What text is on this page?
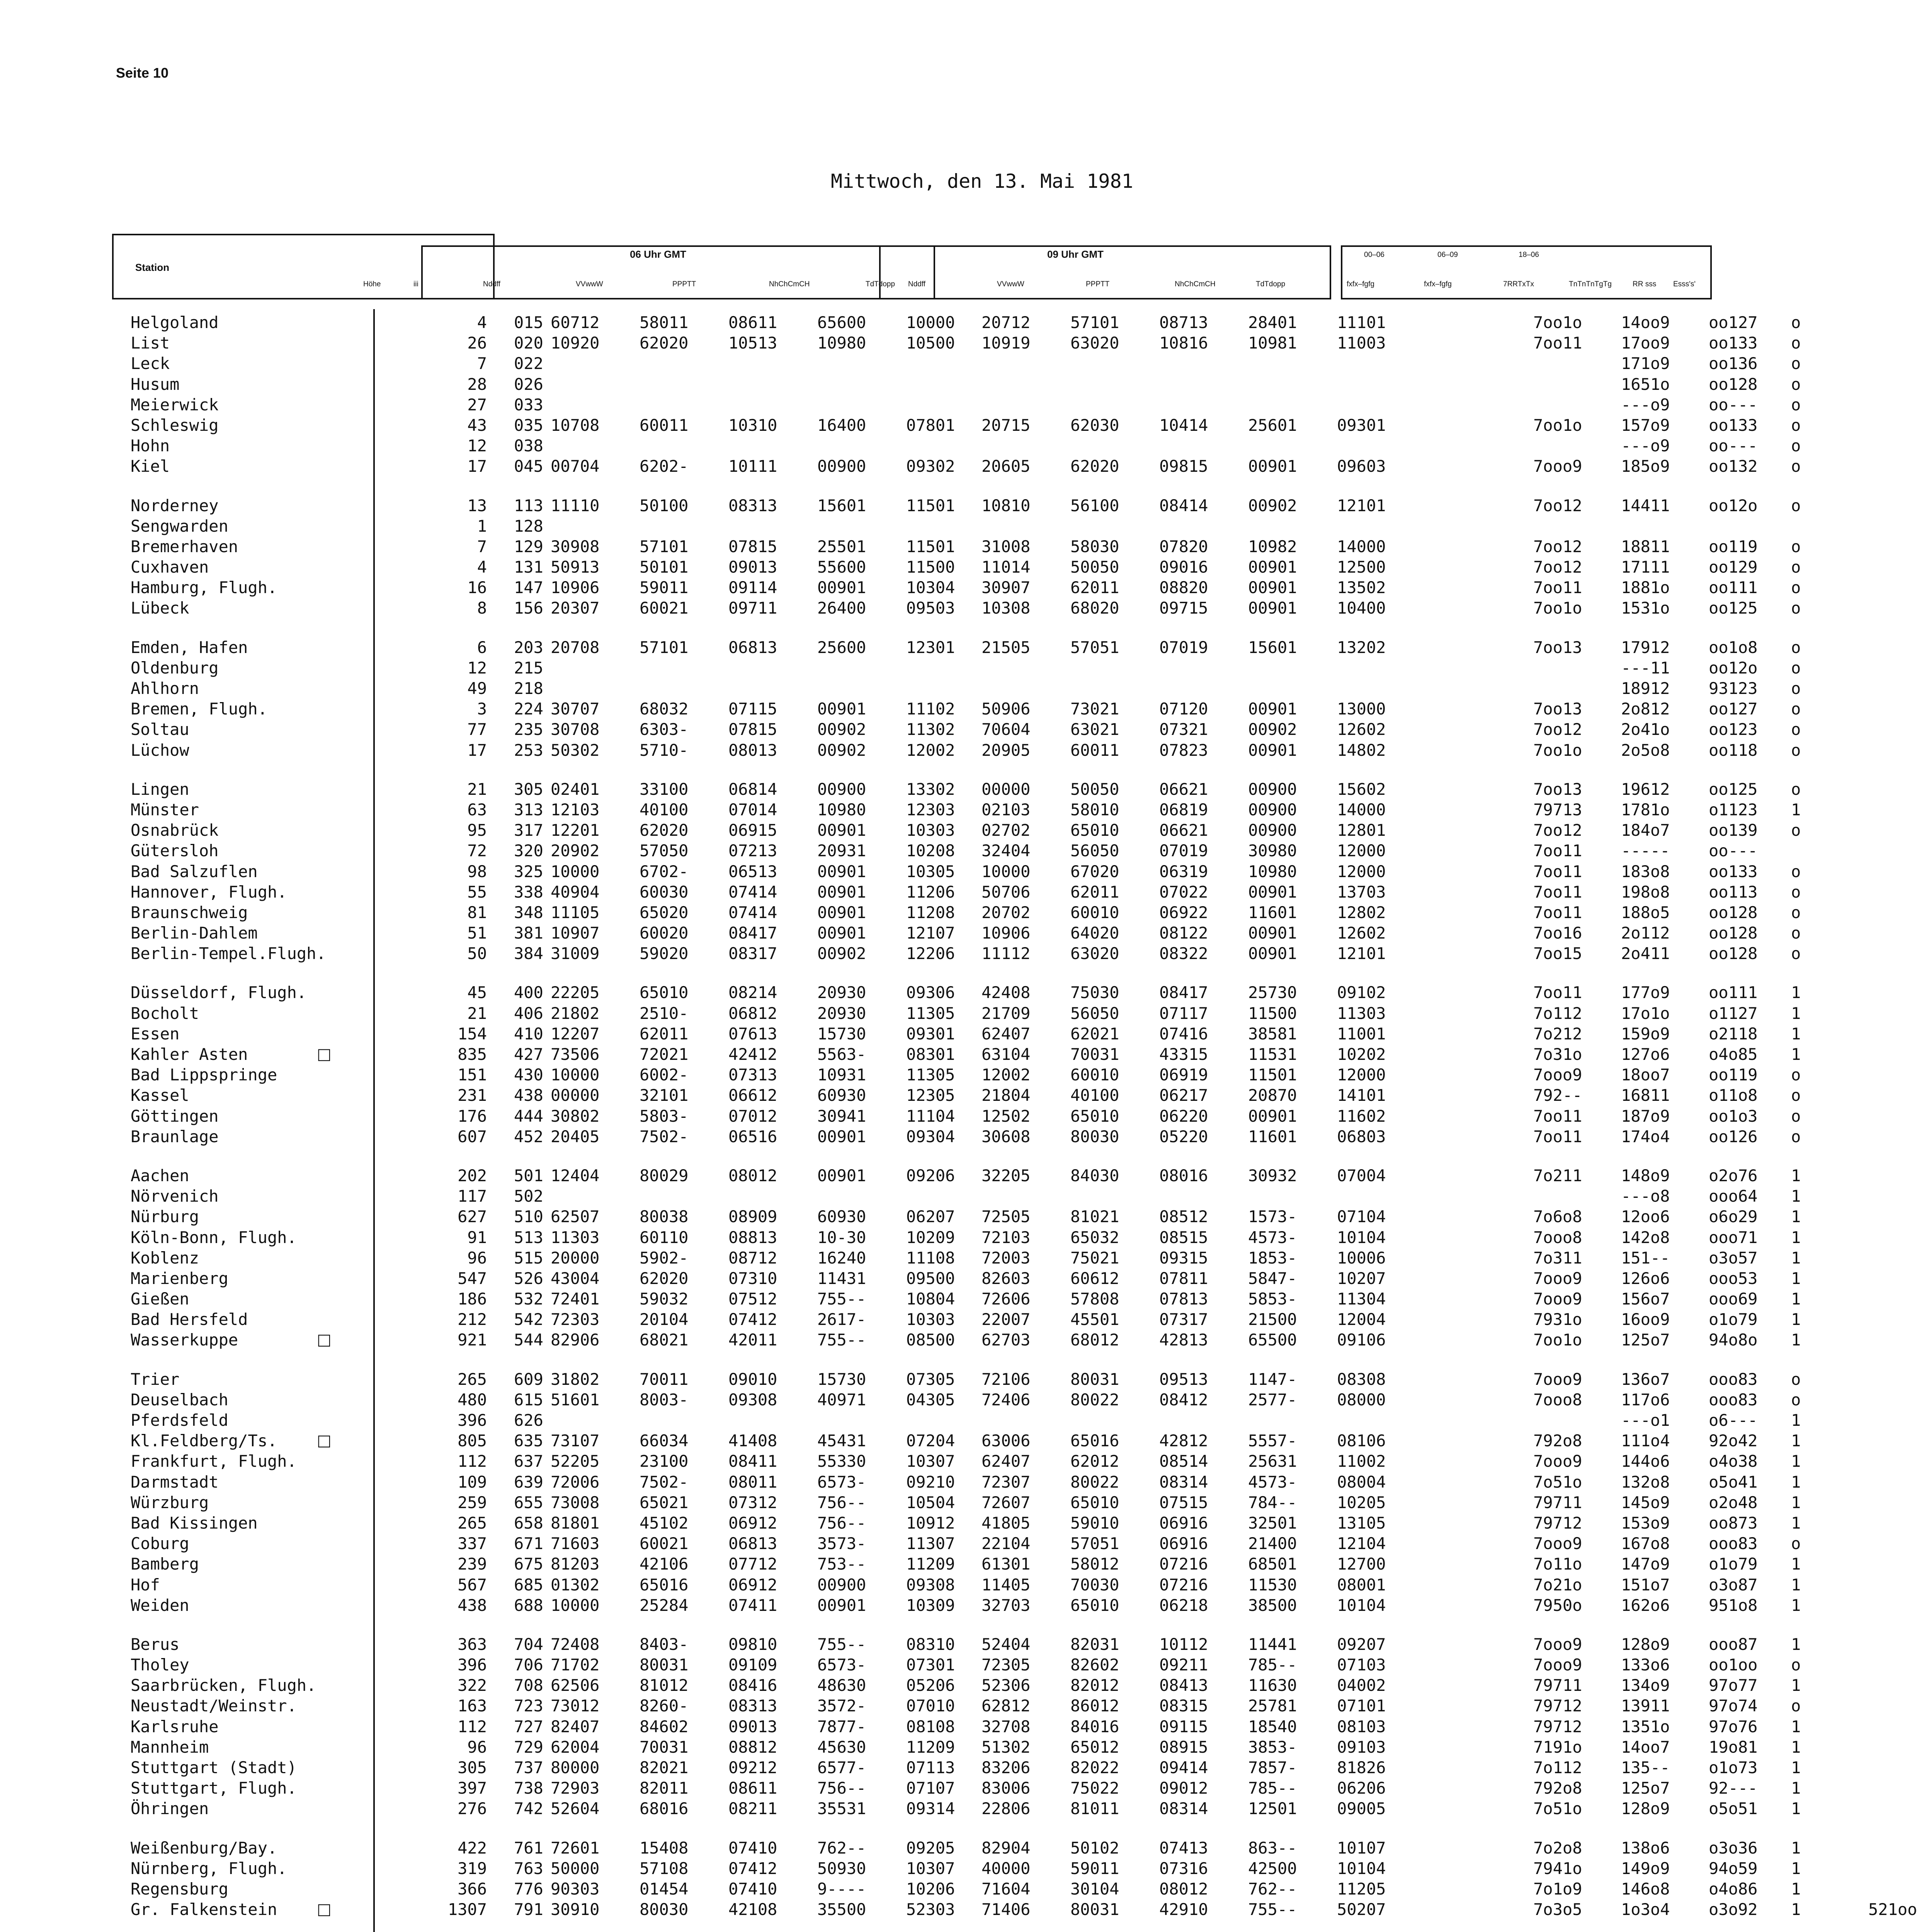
Seite 10
Mittwoch, den 13. Mai 1981
Station
Höhe	iii
06 Uhr GMT
Nddff	VVwwW	PPPTT	NhChCmCH	TdTdopp
09 Uhr GMT
Nddff	VVwwW	PPPTT	NhChCmCH	TdTdopp
00–06	06–09	18–06
fxfx–fgfg	fxfx–fgfg	7RRTxTx	TnTnTnTgTg	RR sss Esss's'
Helgoland	4 015 60712 58011 08611 65600 10000 20712 57101 08713 28401 11101	7oo1o 14oo9 oo127 o
List	26 020 10920 62020 10513 10980 10500 10919 63020 10816 10981 11003	7oo11 17oo9 oo133 o
Leck	7 022	171o9 oo136 o
Husum	28 026	1651o oo128 o
Meierwick	27 033	---o9 oo--- o
Schleswig	43 035 10708 60011 10310 16400 07801 20715 62030 10414 25601 09301	7oo1o 157o9 oo133 o
Hohn	12 038	---o9 oo--- o
Kiel	17 045 00704 6202- 10111 00900 09302 20605 62020 09815 00901 09603	7ooo9 185o9 oo132 o
Norderney	13 113 11110 50100 08313 15601 11501 10810 56100 08414 00902 12101	7oo12 14411 oo12o o
Sengwarden	1 128
Bremerhaven	7 129 30908 57101 07815 25501 11501 31008 58030 07820 10982 14000	7oo12 18811 oo119 o
Cuxhaven	4 131 50913 50101 09013 55600 11500 11014 50050 09016 00901 12500	7oo12 17111 oo129 o
Hamburg, Flugh.	16 147 10906 59011 09114 00901 10304 30907 62011 08820 00901 13502	7oo11 1881o oo111 o
Lübeck	8 156 20307 60021 09711 26400 09503 10308 68020 09715 00901 10400	7oo1o 1531o oo125 o
Emden, Hafen	6 203 20708 57101 06813 25600 12301 21505 57051 07019 15601 13202	7oo13 17912 oo1o8 o
Oldenburg	12 215	---11 oo12o o
Ahlhorn	49 218	18912 93123 o
Bremen, Flugh.	3 224 30707 68032 07115 00901 11102 50906 73021 07120 00901 13000	7oo13 2o812 oo127 o
Soltau	77 235 30708 6303- 07815 00902 11302 70604 63021 07321 00902 12602	7oo12 2o41o oo123 o
Lüchow	17 253 50302 5710- 08013 00902 12002 20905 60011 07823 00901 14802	7oo1o 2o5o8 oo118 o
Lingen	21 305 02401 33100 06814 00900 13302 00000 50050 06621 00900 15602	7oo13 19612 oo125 o
Münster	63 313 12103 40100 07014 10980 12303 02103 58010 06819 00900 14000	79713 1781o o1123 1
Osnabrück	95 317 12201 62020 06915 00901 10303 02702 65010 06621 00900 12801	7oo12 184o7 oo139 o
Gütersloh	72 320 20902 57050 07213 20931 10208 32404 56050 07019 30980 12000	7oo11 ----- oo---
Bad Salzuflen	98 325 10000 6702- 06513 00901 10305 10000 67020 06319 10980 12000	7oo11 183o8 oo133 o
Hannover, Flugh.	55 338 40904 60030 07414 00901 11206 50706 62011 07022 00901 13703	7oo11 198o8 oo113 o
Braunschweig	81 348 11105 65020 07414 00901 11208 20702 60010 06922 11601 12802	7oo11 188o5 oo128 o
Berlin-Dahlem	51 381 10907 60020 08417 00901 12107 10906 64020 08122 00901 12602	7oo16 2o112 oo128 o
Berlin-Tempel.Flugh.	50 384 31009 59020 08317 00902 12206 11112 63020 08322 00901 12101	7oo15 2o411 oo128 o
Düsseldorf, Flugh.	45 400 22205 65010 08214 20930 09306 42408 75030 08417 25730 09102	7oo11 177o9 oo111 1
Bocholt	21 406 21802 2510- 06812 20930 11305 21709 56050 07117 11500 11303	7o112 17o1o o1127 1
Essen	154 410 12207 62011 07613 15730 09301 62407 62021 07416 38581 11001	7o212 159o9 o2118 1
Kahler Asten	□	835 427 73506 72021 42412 5563- 08301 63104 70031 43315 11531 10202	7o31o 127o6 o4o85 1
Bad Lippspringe	151 430 10000 6002- 07313 10931 11305 12002 60010 06919 11501 12000	7ooo9 18oo7 oo119 o
Kassel	231 438 00000 32101 06612 60930 12305 21804 40100 06217 20870 14101	792-- 16811 o11o8 o
Göttingen	176 444 30802 5803- 07012 30941 11104 12502 65010 06220 00901 11602	7oo11 187o9 oo1o3 o
Braunlage	607 452 20405 7502- 06516 00901 09304 30608 80030 05220 11601 06803	7oo11 174o4 oo126 o
Aachen	202 501 12404 80029 08012 00901 09206 32205 84030 08016 30932 07004	7o211 148o9 o2o76 1
Nörvenich	117 502	---o8 ooo64 1
Nürburg	627 510 62507 80038 08909 60930 06207 72505 81021 08512 1573- 07104	7o6o8 12oo6 o6o29 1
Köln-Bonn, Flugh.	91 513 11303 60110 08813 10-30 10209 72103 65032 08515 4573- 10104	7ooo8 142o8 ooo71 1
Koblenz	96 515 20000 5902- 08712 16240 11108 72003 75021 09315 1853- 10006	7o311 151-- o3o57 1
Marienberg	547 526 43004 62020 07310 11431 09500 82603 60612 07811 5847- 10207	7ooo9 126o6 ooo53 1
Gießen	186 532 72401 59032 07512 755-- 10804 72606 57808 07813 5853- 11304	7ooo9 156o7 ooo69 1
Bad Hersfeld	212 542 72303 20104 07412 2617- 10303 22007 45501 07317 21500 12004	7931o 16oo9 o1o79 1
Wasserkuppe	□	921 544 82906 68021 42011 755-- 08500 62703 68012 42813 65500 09106	7oo1o 125o7 94o8o 1
Trier	265 609 31802 70011 09010 15730 07305 72106 80031 09513 1147- 08308	7ooo9 136o7 ooo83 o
Deuselbach	480 615 51601 8003- 09308 40971 04305 72406 80022 08412 2577- 08000	7ooo8 117o6 ooo83 o
Pferdsfeld	396 626	---o1 o6--- 1
Kl.Feldberg/Ts.	□	805 635 73107 66034 41408 45431 07204 63006 65016 42812 5557- 08106	792o8 111o4 92o42 1
Frankfurt, Flugh.	112 637 52205 23100 08411 55330 10307 62407 62012 08514 25631 11002	7ooo9 144o6 o4o38 1
Darmstadt	109 639 72006 7502- 08011 6573- 09210 72307 80022 08314 4573- 08004	7o51o 132o8 o5o41 1
Würzburg	259 655 73008 65021 07312 756-- 10504 72607 65010 07515 784-- 10205	79711 145o9 o2o48 1
Bad Kissingen	265 658 81801 45102 06912 756-- 10912 41805 59010 06916 32501 13105	79712 153o9 oo873 1
Coburg	337 671 71603 60021 06813 3573- 11307 22104 57051 06916 21400 12104	7ooo9 167o8 ooo83 o
Bamberg	239 675 81203 42106 07712 753-- 11209 61301 58012 07216 68501 12700	7o11o 147o9 o1o79 1
Hof	567 685 01302 65016 06912 00900 09308 11405 70030 07216 11530 08001	7o21o 151o7 o3o87 1
Weiden	438 688 10000 25284 07411 00901 10309 32703 65010 06218 38500 10104	7950o 162o6 951o8 1
Berus	363 704 72408 8403- 09810 755-- 08310 52404 82031 10112 11441 09207	7ooo9 128o9 ooo87 1
Tholey	396 706 71702 80031 09109 6573- 07301 72305 82602 09211 785-- 07103	7ooo9 133o6 oo1oo o
Saarbrücken, Flugh.	322 708 62506 81012 08416 48630 05206 52306 82012 08413 11630 04002	79711 134o9 97o77 1
Neustadt/Weinstr.	163 723 73012 8260- 08313 3572- 07010 62812 86012 08315 25781 07101	79712 13911 97o74 o
Karlsruhe	112 727 82407 84602 09013 7877- 08108 32708 84016 09115 18540 08103	79712 1351o 97o76 1
Mannheim	96 729 62004 70031 08812 45630 11209 51302 65012 08915 3853- 09103	7191o 14oo7 19o81 1
Stuttgart (Stadt)	305 737 80000 82021 09212 6577- 07113 83206 82022 09414 7857- 81826	7o112 135-- o1o73 1
Stuttgart, Flugh.	397 738 72903 82011 08611 756-- 07107 83006 75022 09012 785-- 06206	792o8 125o7 92--- 1
Öhringen	276 742 52604 68016 08211 35531 09314 22806 81011 08314 12501 09005	7o51o 128o9 o5o51 1
Weißenburg/Bay.	422 761 72601 15408 07410 762-- 09205 82904 50102 07413 863-- 10107	7o2o8 138o6 o3o36 1
Nürnberg, Flugh.	319 763 50000 57108 07412 50930 10307 40000 59011 07316 42500 10104	7941o 149o9 94o59 1
Regensburg	366 776 90303 01454 07410 9---- 10206 71604 30104 08012 762-- 11205	7o1o9 146o8 o4o86 1
Gr. Falkenstein	□	1307 791 30910 80030 42108 35500 52303 71406 80031 42910 755-- 50207	7o3o5 1o3o4 o3o92 1	521oo
